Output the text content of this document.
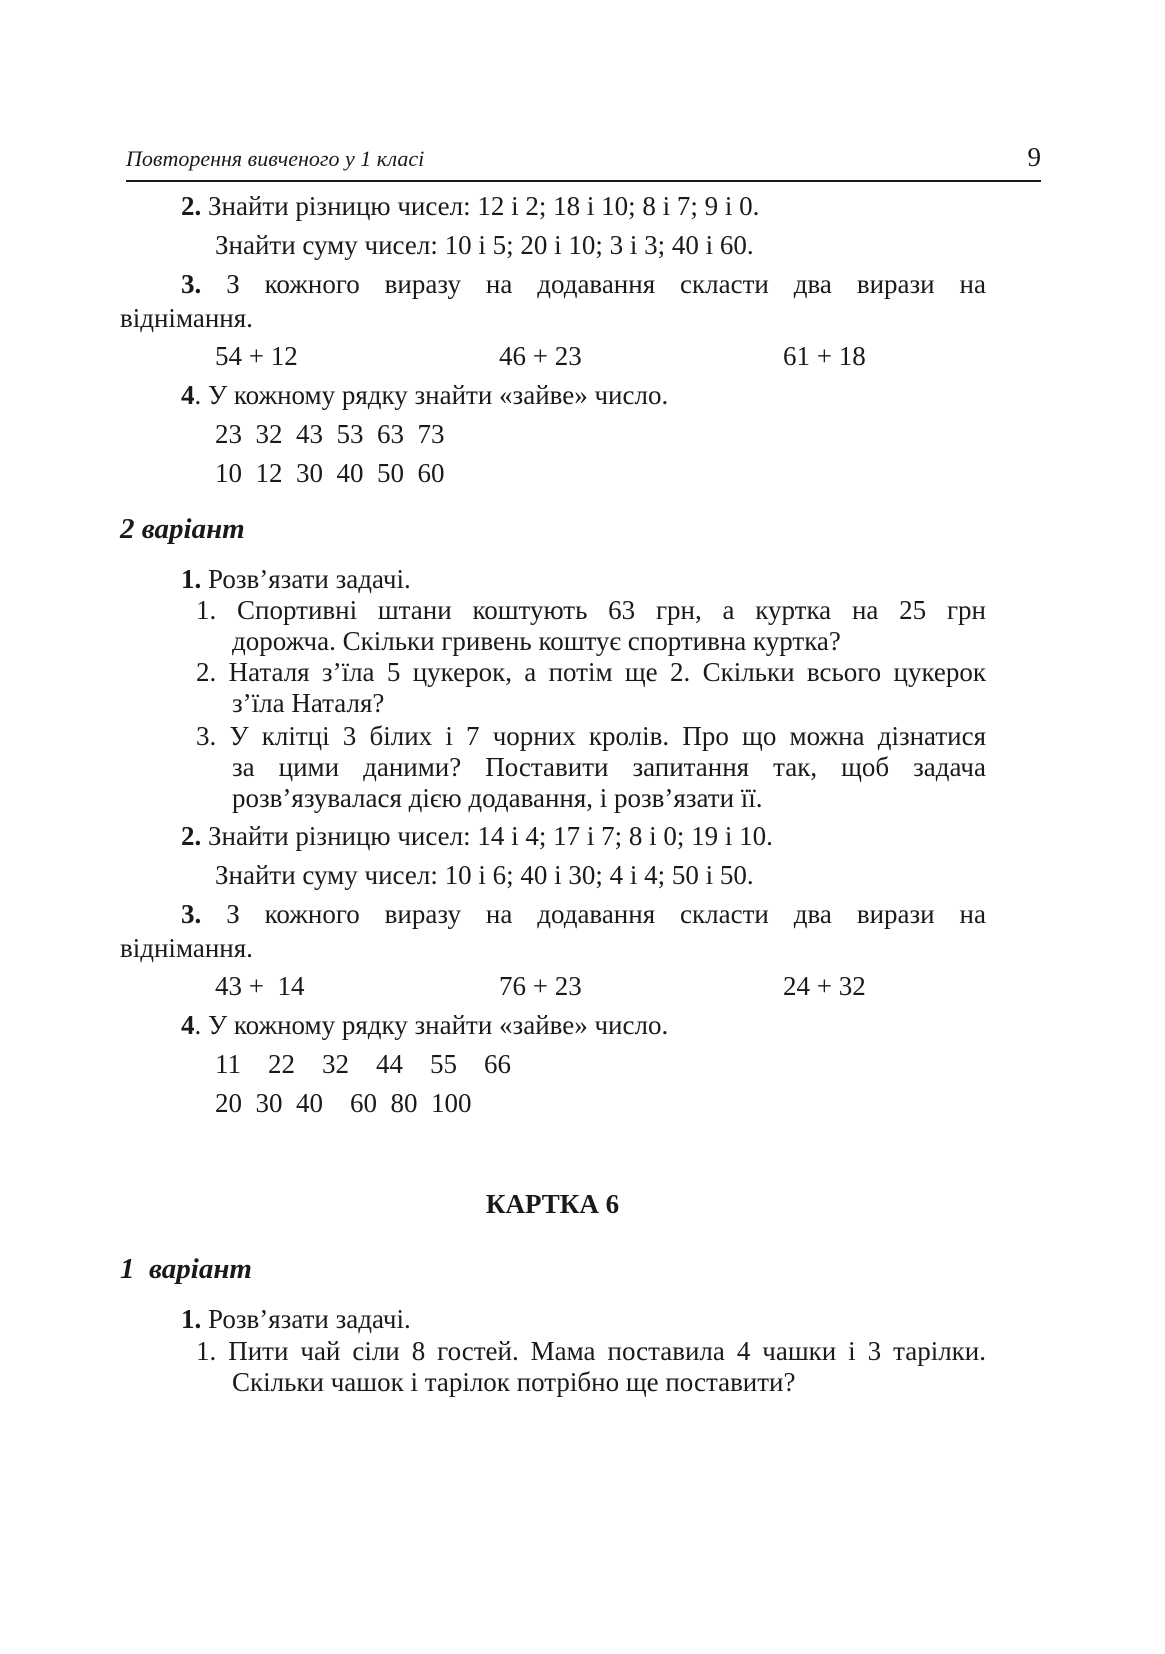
Повторення вивченого у 1 класі	9
2. Знайти різницю чисел: 12 і 2; 18 і 10; 8 і 7; 9 і 0.
Знайти суму чисел: 10 і 5; 20 і 10; 3 і 3; 40 і 60.
3. З кожного виразу на додавання скласти два вирази на
віднімання.
54 + 12	46 + 23	61 + 18
4. У кожному рядку знайти «зайве» число.
23  32  43  53  63  73
10  12  30  40  50  60
2 варіант
1. Розв’язати задачі.
1. Спортивні штани коштують 63 грн, а куртка на 25 грн
дорожча. Скільки гривень коштує спортивна куртка?
2. Наталя з’їла 5 цукерок, а потім ще 2. Скільки всього цукерок
з’їла Наталя?
3. У клітці 3 білих і 7 чорних кролів. Про що можна дізнатися
за цими даними? Поставити запитання так, щоб задача
розв’язувалася дією додавання, і розв’язати її.
2. Знайти різницю чисел: 14 і 4; 17 і 7; 8 і 0; 19 і 10.
Знайти суму чисел: 10 і 6; 40 і 30; 4 і 4; 50 і 50.
3. З кожного виразу на додавання скласти два вирази на
віднімання.
43 +  14	76 + 23	24 + 32
4. У кожному рядку знайти «зайве» число.
11    22    32    44    55    66
20  30  40    60  80  100
КАРТКА 6
1  варіант
1. Розв’язати задачі.
1. Пити чай сіли 8 гостей. Мама поставила 4 чашки і 3 тарілки.
Скільки чашок і тарілок потрібно ще поставити?
